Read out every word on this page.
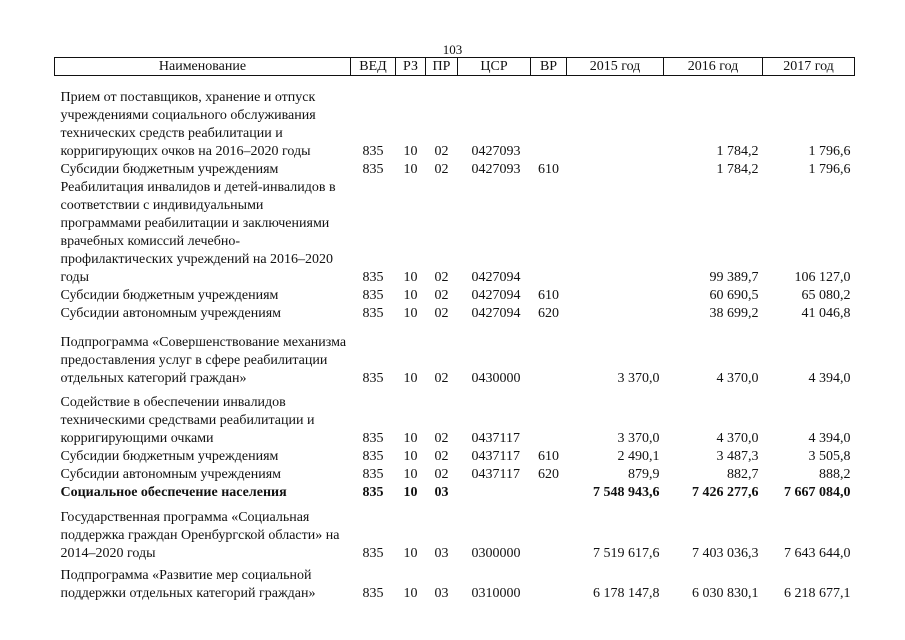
103
Наименование	ВЕД	РЗ	ПР	ЦСР	ВР	2015 год	2016 год	2017 год

Прием от поставщиков, хранение и отпуск учреждениями социального обслуживания технических средств реабилитации и корригирующих очков на 2016–2020 годы	835	10	02	0427093			1 784,2	1 796,6
Субсидии бюджетным учреждениям	835	10	02	0427093	610		1 784,2	1 796,6
Реабилитация инвалидов и детей-инвалидов в соответствии с индивидуальными программами реабилитации и заключениями врачебных комиссий лечебно-профилактических учреждений на 2016–2020 годы	835	10	02	0427094			99 389,7	106 127,0
Субсидии бюджетным учреждениям	835	10	02	0427094	610		60 690,5	65 080,2
Субсидии автономным учреждениям	835	10	02	0427094	620		38 699,2	41 046,8

Подпрограмма «Совершенствование механизма предоставления услуг в сфере реабилитации отдельных категорий граждан»	835	10	02	0430000		3 370,0	4 370,0	4 394,0

Содействие в обеспечении инвалидов техническими средствами реабилитации и корригирующими очками	835	10	02	0437117		3 370,0	4 370,0	4 394,0
Субсидии бюджетным учреждениям	835	10	02	0437117	610	2 490,1	3 487,3	3 505,8
Субсидии автономным учреждениям	835	10	02	0437117	620	879,9	882,7	888,2
Социальное обеспечение населения	835	10	03			7 548 943,6	7 426 277,6	7 667 084,0

Государственная программа «Социальная поддержка граждан Оренбургской области» на 2014–2020 годы	835	10	03	0300000		7 519 617,6	7 403 036,3	7 643 644,0

Подпрограмма «Развитие мер социальной поддержки отдельных категорий граждан»	835	10	03	0310000		6 178 147,8	6 030 830,1	6 218 677,1
